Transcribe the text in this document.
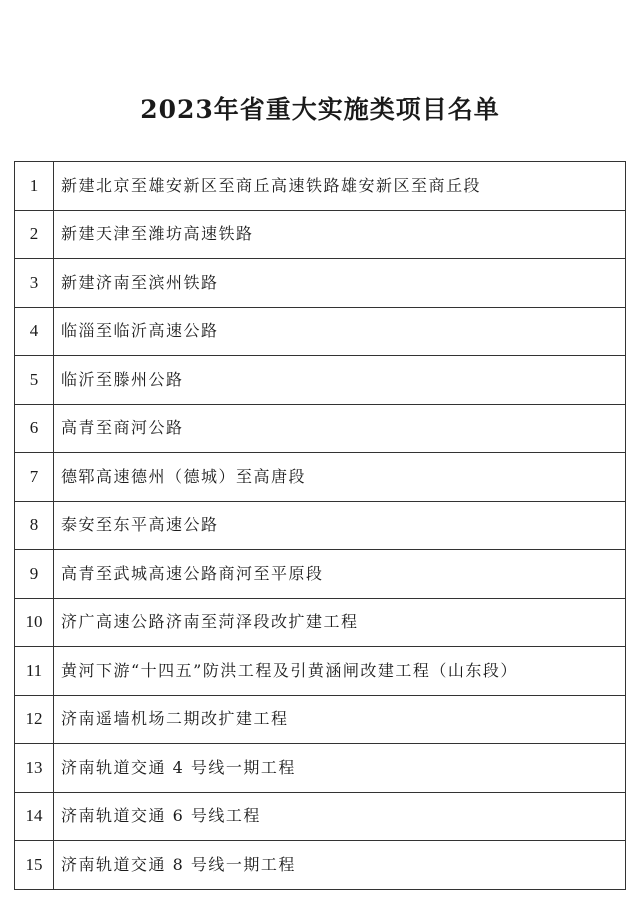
2023年省重大实施类项目名单
1	新建北京至雄安新区至商丘高速铁路雄安新区至商丘段
2	新建天津至潍坊高速铁路
3	新建济南至滨州铁路
4	临淄至临沂高速公路
5	临沂至滕州公路
6	高青至商河公路
7	德郓高速德州（德城）至高唐段
8	泰安至东平高速公路
9	高青至武城高速公路商河至平原段
10	济广高速公路济南至菏泽段改扩建工程
11	黄河下游“十四五”防洪工程及引黄涵闸改建工程（山东段）
12	济南遥墙机场二期改扩建工程
13	济南轨道交通 4 号线一期工程
14	济南轨道交通 6 号线工程
15	济南轨道交通 8 号线一期工程
